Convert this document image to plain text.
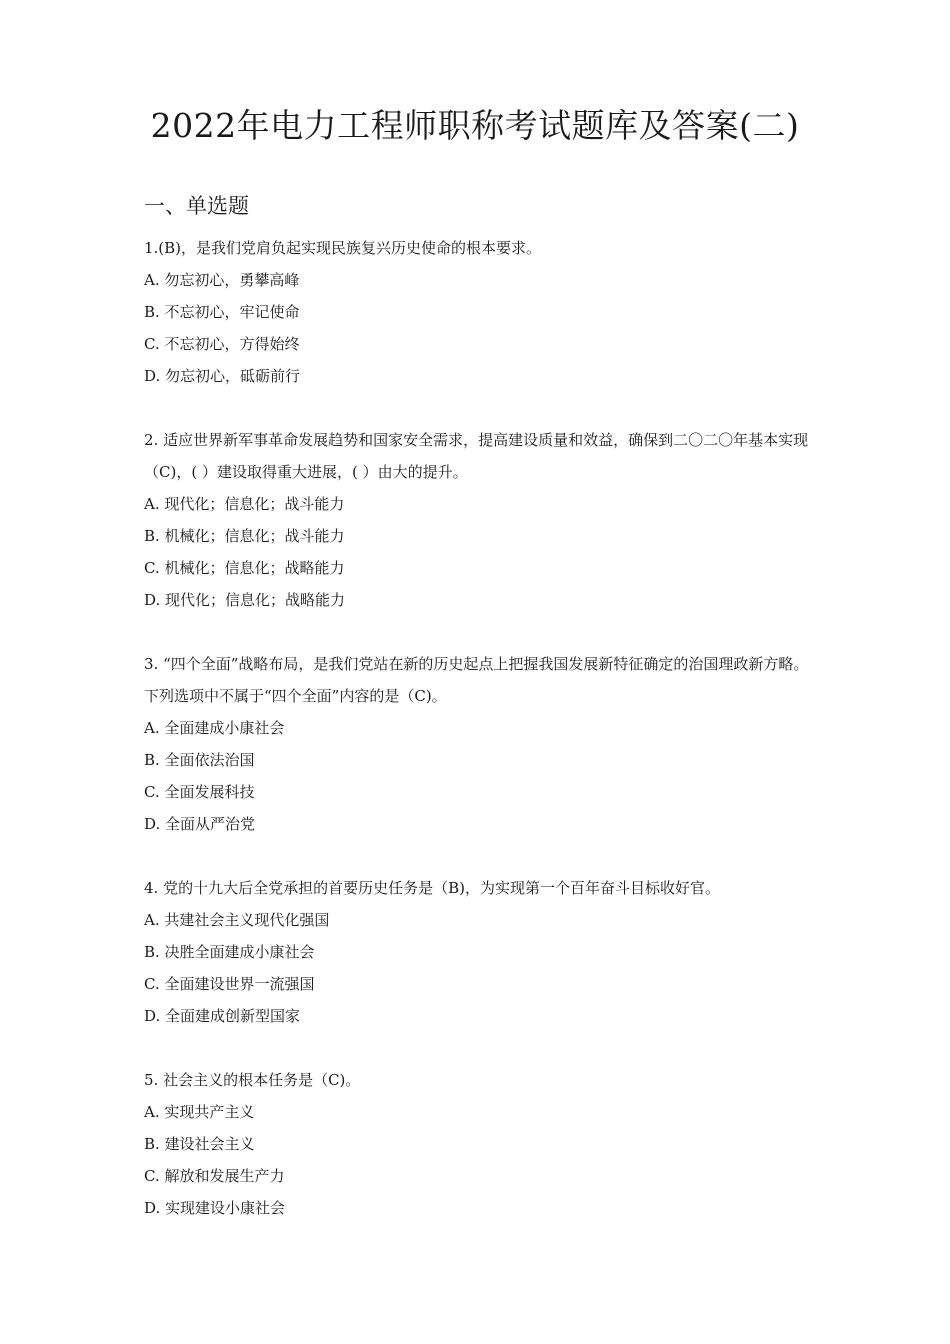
2022年电力工程师职称考试题库及答案(二)
一、单选题

1.(B)，是我们党肩负起实现民族复兴历史使命的根本要求。

A. 勿忘初心，勇攀高峰

B. 不忘初心，牢记使命

C. 不忘初心，方得始终

D. 勿忘初心，砥砺前行

2. 适应世界新军事革命发展趋势和国家安全需求，提高建设质量和效益，确保到二〇二〇年基本实现（C)，( ）建设取得重大进展，( ）由大的提升。

A. 现代化；信息化；战斗能力

B. 机械化；信息化；战斗能力

C. 机械化；信息化；战略能力

D. 现代化；信息化；战略能力

3. “四个全面”战略布局，是我们党站在新的历史起点上把握我国发展新特征确定的治国理政新方略。下列选项中不属于“四个全面”内容的是（C)。

A. 全面建成小康社会

B. 全面依法治国

C. 全面发展科技

D. 全面从严治党

4. 党的十九大后全党承担的首要历史任务是（B)，为实现第一个百年奋斗目标收好官。

A. 共建社会主义现代化强国

B. 决胜全面建成小康社会

C. 全面建设世界一流强国

D. 全面建成创新型国家

5. 社会主义的根本任务是（C)。

A. 实现共产主义

B. 建设社会主义

C. 解放和发展生产力

D. 实现建设小康社会
